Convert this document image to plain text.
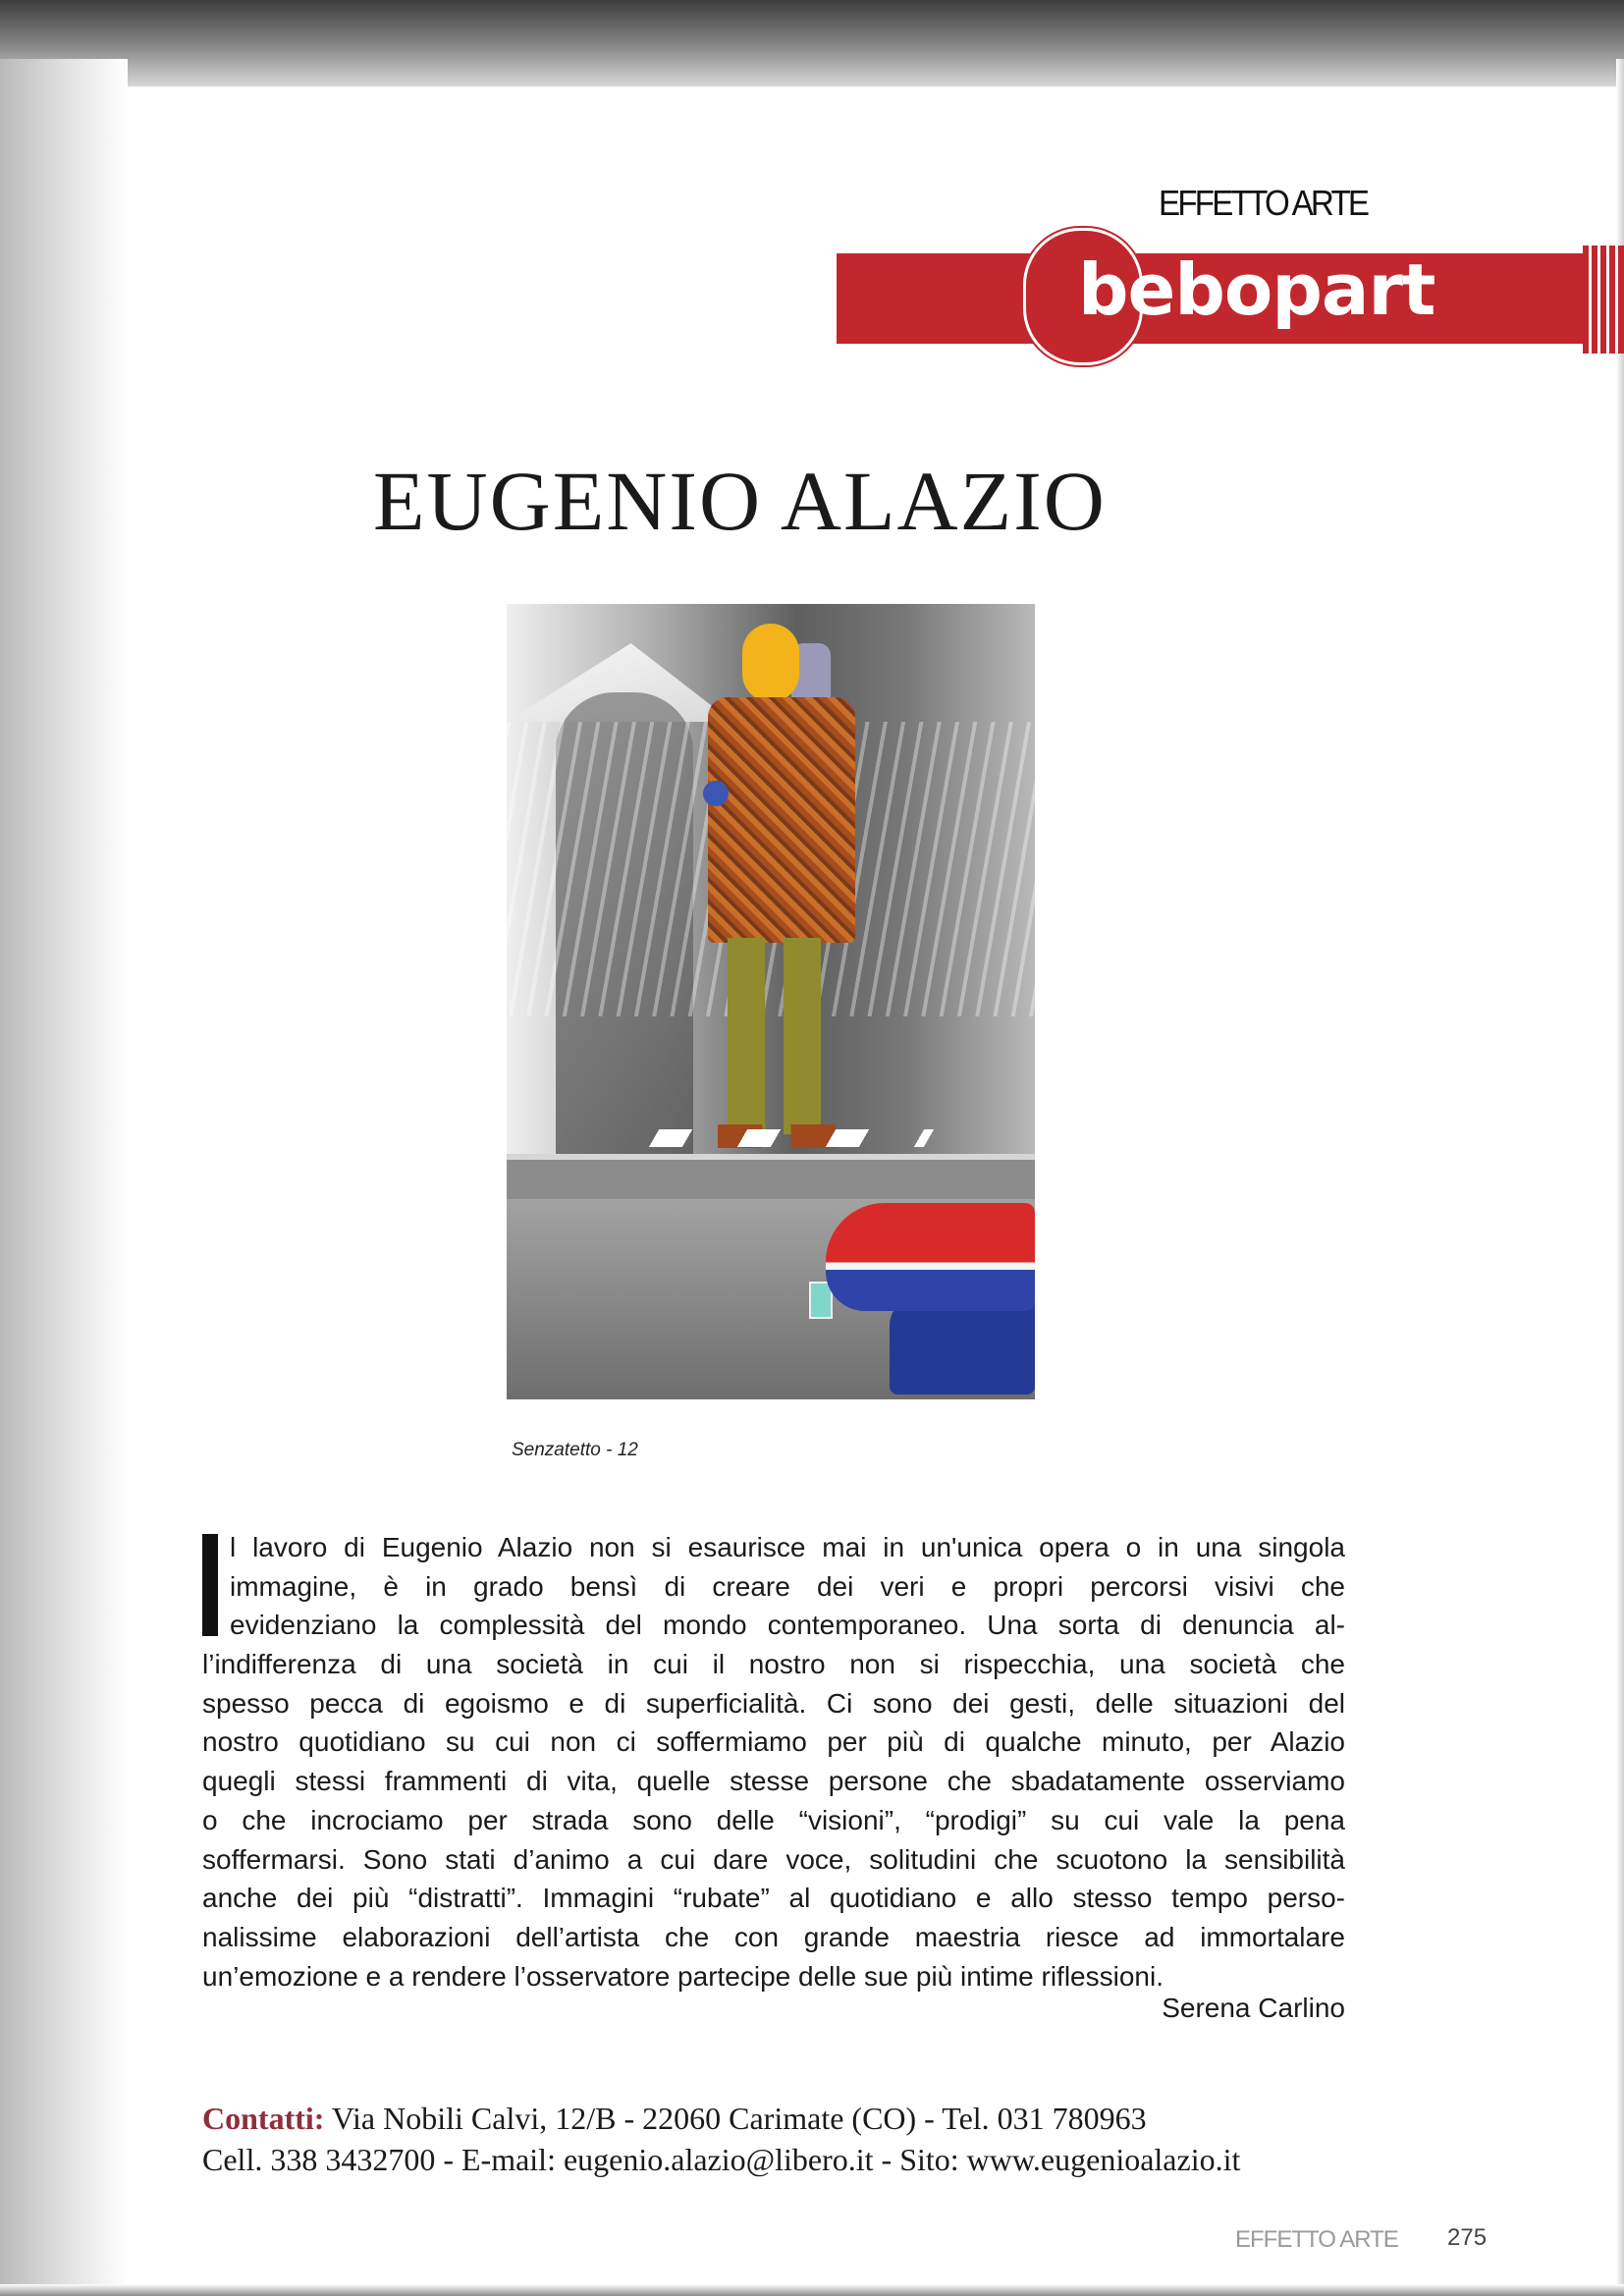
EFFETTO ARTE
bebopart
EUGENIO ALAZIO
Senzatetto - 12
l lavoro di Eugenio Alazio non si esaurisce mai in un'unica opera o in una singola
immagine, è in grado bensì di creare dei veri e propri percorsi visivi che
evidenziano la complessità del mondo contemporaneo. Una sorta di denuncia al-
l’indifferenza di una società in cui il nostro non si rispecchia, una società che
spesso pecca di egoismo e di superficialità. Ci sono dei gesti, delle situazioni del
nostro quotidiano su cui non ci soffermiamo per più di qualche minuto, per Alazio
quegli stessi frammenti di vita, quelle stesse persone che sbadatamente osserviamo
o che incrociamo per strada sono delle “visioni”, “prodigi” su cui vale la pena
soffermarsi. Sono stati d’animo a cui dare voce, solitudini che scuotono la sensibilità
anche dei più “distratti”. Immagini “rubate” al quotidiano e allo stesso tempo perso-
nalissime elaborazioni dell’artista che con grande maestria riesce ad immortalare
un’emozione e a rendere l’osservatore partecipe delle sue più intime riflessioni.
Serena Carlino
Contatti: Via Nobili Calvi, 12/B - 22060 Carimate (CO) - Tel. 031 780963
Cell. 338 3432700 - E-mail: eugenio.alazio@libero.it - Sito: www.eugenioalazio.it
EFFETTO ARTE	275
